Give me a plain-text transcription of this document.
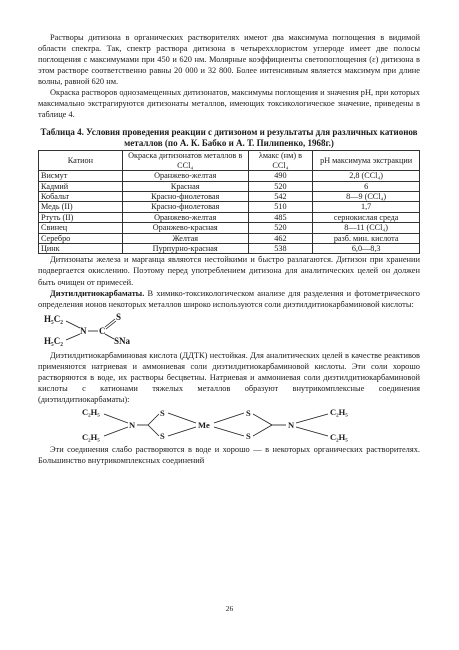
Растворы дитизона в органических растворителях имеют два максимума поглощения в видимой области спектра. Так, спектр раствора дитизона в четыреххлористом углероде имеет две полосы поглощения с максимумами при 450 и 620 нм. Молярные коэффициенты светопоглощения (ε) дитизона в этом растворе соответственно равны 20 000 и 32 800. Более интенсивным является максимум при длине волны, равной 620 нм.

Окраска растворов однозамещенных дитизонатов, максимумы поглощения и значения pH, при которых максимально экстрагируются дитизонаты металлов, имеющих токсикологическое значение, приведены в таблице 4.

Таблица 4. Условия проведения реакции с дитизоном и результаты для различных катионов металлов (по А. К. Бабко и А. Т. Пилипенко, 1968г.)
Катион	Окраска дитизонатов металлов в CCl₄	λмакс (нм) в CCl₄	pH максимума экстракции
Висмут	Оранжево-желтая	490	2,8 (CCl₄)
Кадмий	Красная	520	6
Кобальт	Красно-фиолетовая	542	8—9 (CCl₄)
Медь (II)	Красно-фиолетовая	510	1,7
Ртуть (II)	Оранжево-желтая	485	сернокислая среда
Свинец	Оранжево-красная	520	8—11 (CCl₄)
Серебро	Желтая	462	разб. мин. кислота
Цинк	Пурпурно-красная	538	6,0—8,3

Дитизонаты железа и марганца являются нестойкими и быстро разлагаются. Дитизон при хранении подвергается окислению. Поэтому перед употреблением дитизона для аналитических целей он должен быть очищен от примесей.

Диэтилдитиокарбаматы. В химико-токсикологическом анализе для разделения и фотометрического определения ионов некоторых металлов широко используются соли диэтилдитиокарбаминовой кислоты:

H₅C₂
H₅C₂
N C
S
SNa

Диэтилдитиокарбаминовая кислота (ДДТК) нестойкая. Для аналитических целей в качестве реактивов применяются натриевая и аммониевая соли диэтилдитиокарбаминовой кислоты. Эти соли хорошо растворяются в воде, их растворы бесцветны. Натриевая и аммониевая соли диэтилдитиокарбаминовой кислоты с катионами тяжелых металлов образуют внутрикомплексные соединения (диэтилдитиокарбаматы):

C₂H₅
C₂H₅
N
S
S
Me
S
S
N
C₂H₅
C₂H₅

Эти соединения слабо растворяются в воде и хорошо — в некоторых органических растворителях. Большинство внутрикомплексных соединений

26
